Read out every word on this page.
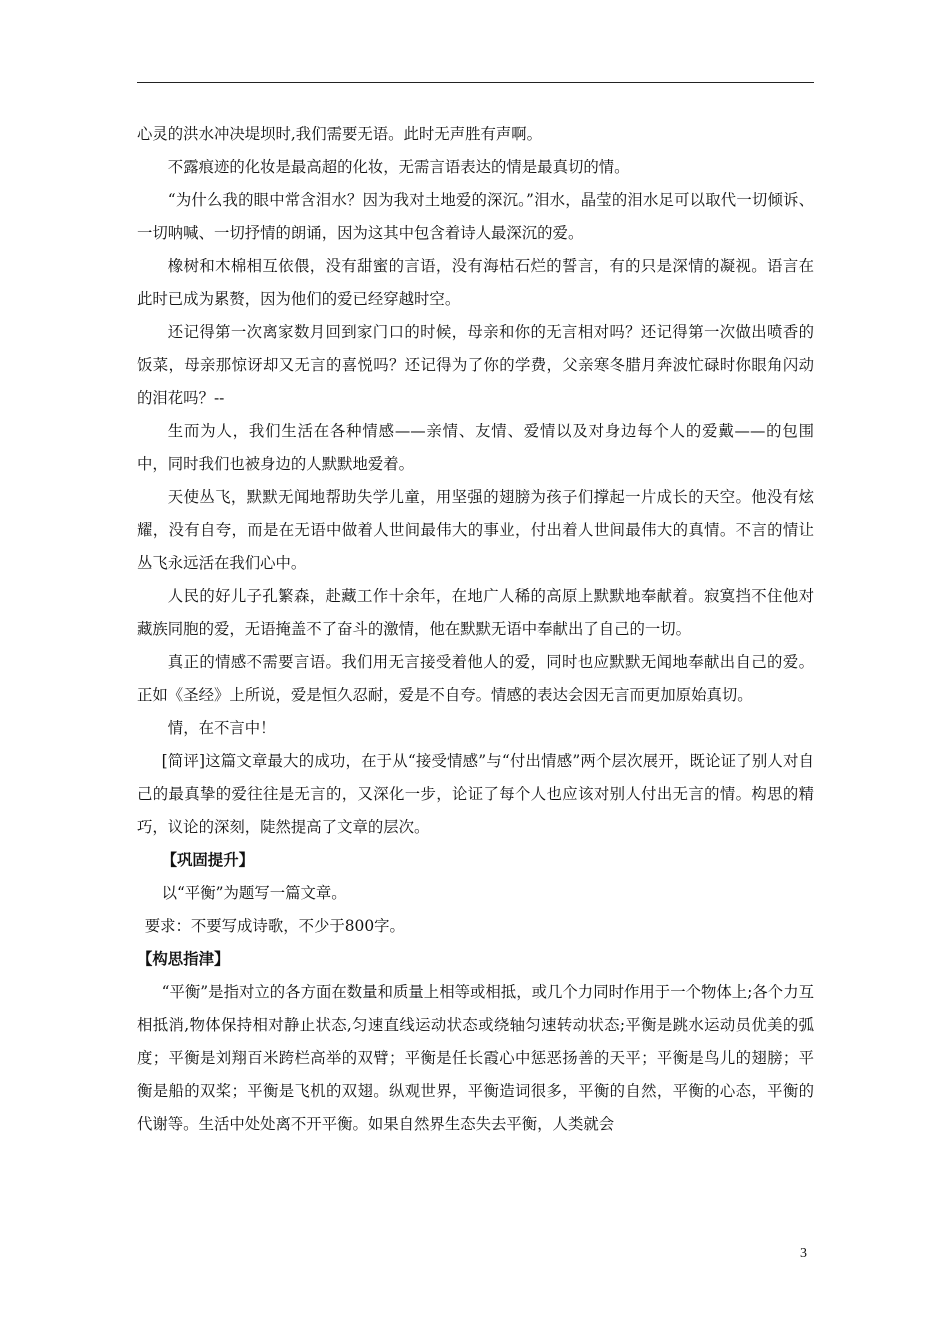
心灵的洪水冲决堤坝时,我们需要无语。此时无声胜有声啊。

不露痕迹的化妆是最高超的化妆，无需言语表达的情是最真切的情。

“为什么我的眼中常含泪水？因为我对土地爱的深沉。”泪水，晶莹的泪水足可以取代一切倾诉、一切呐喊、一切抒情的朗诵，因为这其中包含着诗人最深沉的爱。

橡树和木棉相互依偎，没有甜蜜的言语，没有海枯石烂的誓言，有的只是深情的凝视。语言在此时已成为累赘，因为他们的爱已经穿越时空。

还记得第一次离家数月回到家门口的时候，母亲和你的无言相对吗？还记得第一次做出喷香的饭菜，母亲那惊讶却又无言的喜悦吗？还记得为了你的学费，父亲寒冬腊月奔波忙碌时你眼角闪动的泪花吗？--

生而为人，我们生活在各种情感——亲情、友情、爱情以及对身边每个人的爱戴——的包围中，同时我们也被身边的人默默地爱着。

天使丛飞，默默无闻地帮助失学儿童，用坚强的翅膀为孩子们撑起一片成长的天空。他没有炫耀，没有自夸，而是在无语中做着人世间最伟大的事业，付出着人世间最伟大的真情。不言的情让丛飞永远活在我们心中。

人民的好儿子孔繁森，赴藏工作十余年，在地广人稀的高原上默默地奉献着。寂寞挡不住他对藏族同胞的爱，无语掩盖不了奋斗的激情，他在默默无语中奉献出了自己的一切。

真正的情感不需要言语。我们用无言接受着他人的爱，同时也应默默无闻地奉献出自己的爱。正如《圣经》上所说，爱是恒久忍耐，爱是不自夸。情感的表达会因无言而更加原始真切。

情，在不言中！

[简评]这篇文章最大的成功，在于从“接受情感”与“付出情感”两个层次展开，既论证了别人对自己的最真挚的爱往往是无言的，又深化一步，论证了每个人也应该对别人付出无言的情。构思的精巧，议论的深刻，陡然提高了文章的层次。

【巩固提升】

以“平衡”为题写一篇文章。

要求：不要写成诗歌，不少于800字。

【构思指津】

“平衡”是指对立的各方面在数量和质量上相等或相抵，或几个力同时作用于一个物体上;各个力互相抵消,物体保持相对静止状态,匀速直线运动状态或绕轴匀速转动状态;平衡是跳水运动员优美的弧度；平衡是刘翔百米跨栏高举的双臂；平衡是任长霞心中惩恶扬善的天平；平衡是鸟儿的翅膀；平衡是船的双桨；平衡是飞机的双翅。纵观世界，平衡造词很多，平衡的自然，平衡的心态，平衡的代谢等。生活中处处离不开平衡。如果自然界生态失去平衡，人类就会

3
